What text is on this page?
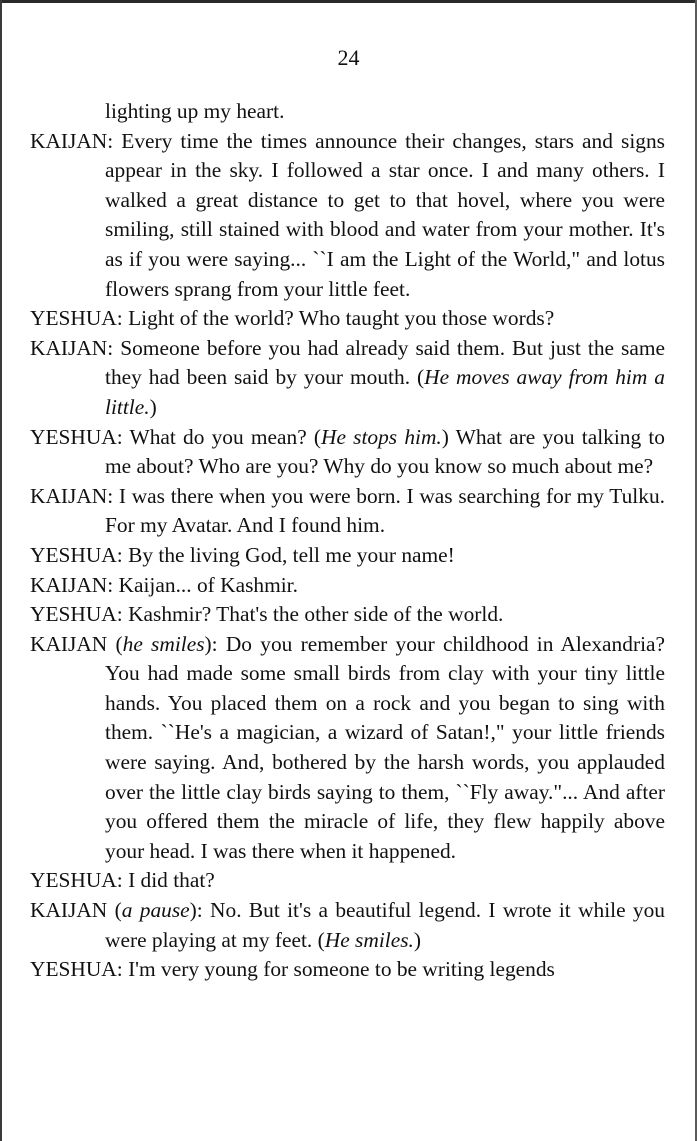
24

lighting up my heart.

KAIJAN: Every time the times announce their changes, stars and signs appear in the sky. I followed a star once. I and many others. I walked a great distance to get to that hovel, where you were smiling, still stained with blood and water from your mother. It's as if you were saying... ``I am the Light of the World," and lotus flowers sprang from your little feet.

YESHUA: Light of the world? Who taught you those words?

KAIJAN: Someone before you had already said them. But just the same they had been said by your mouth. (He moves away from him a little.)

YESHUA: What do you mean? (He stops him.) What are you talking to me about? Who are you? Why do you know so much about me?

KAIJAN: I was there when you were born. I was searching for my Tulku. For my Avatar. And I found him.

YESHUA: By the living God, tell me your name!

KAIJAN: Kaijan... of Kashmir.

YESHUA: Kashmir? That's the other side of the world.

KAIJAN (he smiles): Do you remember your childhood in Alexandria? You had made some small birds from clay with your tiny little hands. You placed them on a rock and you began to sing with them. ``He's a magician, a wizard of Satan!," your little friends were saying. And, bothered by the harsh words, you applauded over the little clay birds saying to them, ``Fly away."... And after you offered them the miracle of life, they flew happily above your head. I was there when it happened.

YESHUA: I did that?

KAIJAN (a pause): No. But it's a beautiful legend. I wrote it while you were playing at my feet. (He smiles.)

YESHUA: I'm very young for someone to be writing legends
